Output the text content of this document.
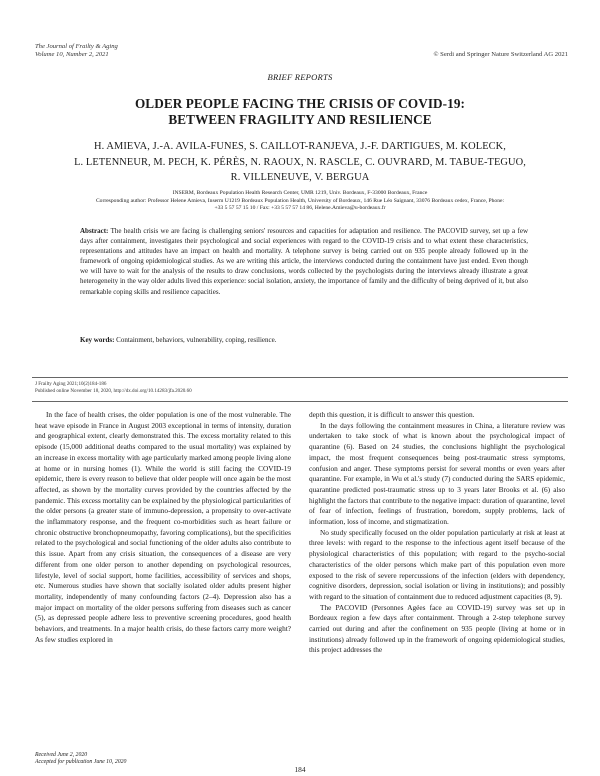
The Journal of Frailty & Aging
Volume 10, Number 2, 2021	© Serdi and Springer Nature Switzerland AG 2021
BRIEF REPORTS
OLDER PEOPLE FACING THE CRISIS OF COVID-19:
BETWEEN FRAGILITY AND RESILIENCE
H. AMIEVA, J.-A. AVILA-FUNES, S. CAILLOT-RANJEVA, J.-F. DARTIGUES, M. KOLECK,
L. LETENNEUR, M. PECH, K. PÉRÈS, N. RAOUX, N. RASCLE, C. OUVRARD, M. TABUE-TEGUO,
R. VILLENEUVE, V. BERGUA
INSERM, Bordeaux Population Health Research Center, UMR 1219, Univ. Bordeaux, F-33000 Bordeaux, France
Corresponding author: Professor Helene Amieva, Inserm U1219 Bordeaux Population Health, University of Bordeaux, 146 Rue Léo Saignant, 33076 Bordeaux cedex, France, Phone:
+33 5 57 57 15 10 / Fax: +33 5 57 57 14 86, Helene.Amieva@u-bordeaux.fr
Abstract: The health crisis we are facing is challenging seniors' resources and capacities for adaptation and resilience. The PACOVID survey, set up a few days after containment, investigates their psychological and social experiences with regard to the COVID-19 crisis and to what extent these characteristics, representations and attitudes have an impact on health and mortality. A telephone survey is being carried out on 935 people already followed up in the framework of ongoing epidemiological studies. As we are writing this article, the interviews conducted during the containment have just ended. Even though we will have to wait for the analysis of the results to draw conclusions, words collected by the psychologists during the interviews already illustrate a great heterogeneity in the way older adults lived this experience: social isolation, anxiety, the importance of family and the difficulty of being deprived of it, but also remarkable coping skills and resilience capacities.
Key words: Containment, behaviors, vulnerability, coping, resilience.
J Frailty Aging 2021;10(2)184-186
Published online November 18, 2020, http://dx.doi.org/10.14283/jfa.2020.60

In the face of health crises, the older population is one of the most vulnerable. The heat wave episode in France in August 2003 exceptional in terms of intensity, duration and geographical extent, clearly demonstrated this. The excess mortality related to this episode (15,000 additional deaths compared to the usual mortality) was explained by an increase in excess mortality with age particularly marked among people living alone at home or in nursing homes (1). While the world is still facing the COVID-19 epidemic, there is every reason to believe that older people will once again be the most affected, as shown by the mortality curves provided by the countries affected by the pandemic. This excess mortality can be explained by the physiological particularities of the older persons (a greater state of immuno-depression, a propensity to over-activate the inflammatory response, and the frequent co-morbidities such as heart failure or chronic obstructive bronchopneumopathy, favoring complications), but the specificities related to the psychological and social functioning of the older adults also contribute to this issue. Apart from any crisis situation, the consequences of a disease are very different from one older person to another depending on psychological resources, lifestyle, level of social support, home facilities, accessibility of services and shops, etc. Numerous studies have shown that socially isolated older adults present higher mortality, independently of many confounding factors (2–4). Depression also has a major impact on mortality of the older persons suffering from diseases such as cancer (5), as depressed people adhere less to preventive screening procedures, good health behaviors, and treatments. In a major health crisis, do these factors carry more weight? As few studies explored in

depth this question, it is difficult to answer this question.

In the days following the containment measures in China, a literature review was undertaken to take stock of what is known about the psychological impact of quarantine (6). Based on 24 studies, the conclusions highlight the psychological impact, the most frequent consequences being post-traumatic stress symptoms, confusion and anger. These symptoms persist for several months or even years after quarantine. For example, in Wu et al.'s study (7) conducted during the SARS epidemic, quarantine predicted post-traumatic stress up to 3 years later Brooks et al. (6) also highlight the factors that contribute to the negative impact: duration of quarantine, level of fear of infection, feelings of frustration, boredom, supply problems, lack of information, loss of income, and stigmatization.

No study specifically focused on the older population particularly at risk at least at three levels: with regard to the response to the infectious agent itself because of the physiological characteristics of this population; with regard to the psycho-social characteristics of the older persons which make part of this population even more exposed to the risk of severe repercussions of the infection (elders with dependency, cognitive disorders, depression, social isolation or living in institutions); and possibly with regard to the situation of containment due to reduced adjustment capacities (8, 9).

The PACOVID (Personnes Agées face au COVID-19) survey was set up in Bordeaux region a few days after containment. Through a 2-step telephone survey carried out during and after the confinement on 935 people (living at home or in institutions) already followed up in the framework of ongoing epidemiological studies, this project addresses the

Received June 2, 2020
Accepted for publication June 10, 2020
184
